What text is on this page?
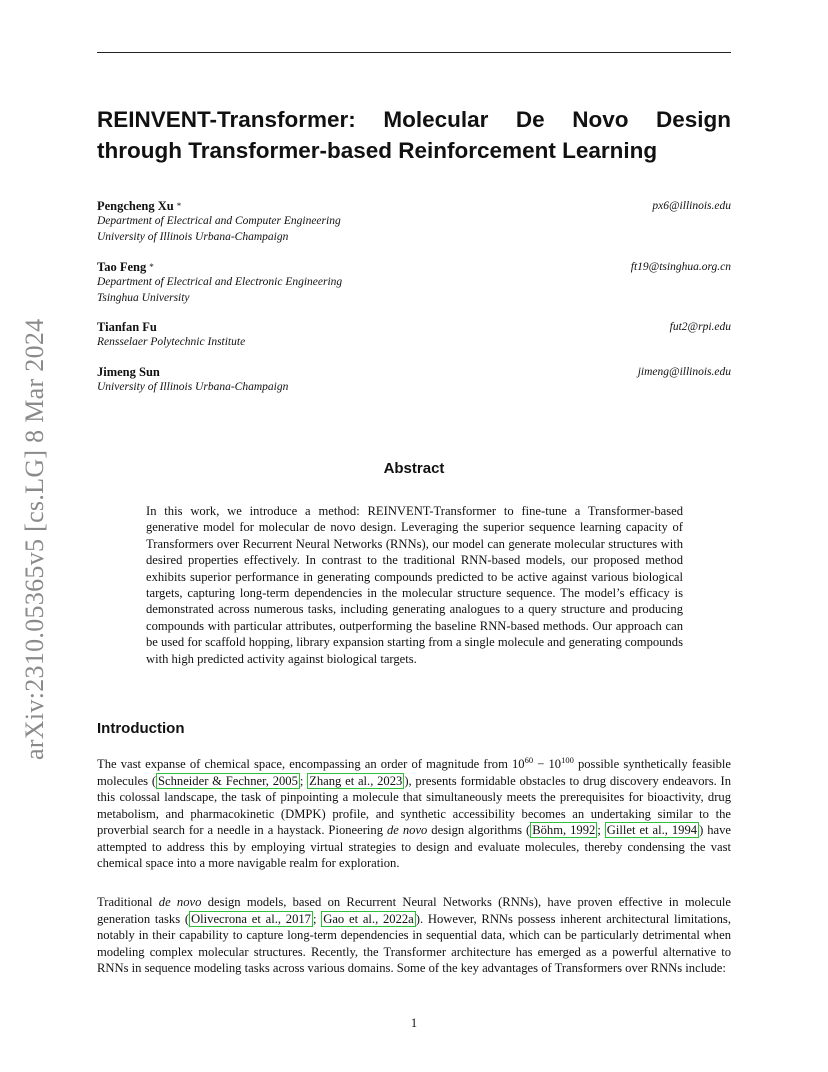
arXiv:2310.05365v5 [cs.LG] 8 Mar 2024
REINVENT-Transformer: Molecular De Novo Design
through Transformer-based Reinforcement Learning
Pengcheng Xu *	px6@illinois.edu
Department of Electrical and Computer Engineering
University of Illinois Urbana-Champaign
Tao Feng *	ft19@tsinghua.org.cn
Department of Electrical and Electronic Engineering
Tsinghua University
Tianfan Fu	fut2@rpi.edu
Rensselaer Polytechnic Institute
Jimeng Sun	jimeng@illinois.edu
University of Illinois Urbana-Champaign
Abstract

In this work, we introduce a method: REINVENT-Transformer to fine-tune a Transformer-based generative model for molecular de novo design. Leveraging the superior sequence learning capacity of Transformers over Recurrent Neural Networks (RNNs), our model can generate molecular structures with desired properties effectively. In contrast to the traditional RNN-based models, our proposed method exhibits superior performance in generating compounds predicted to be active against various biological targets, capturing long-term dependencies in the molecular structure sequence. The model’s efficacy is demonstrated across numerous tasks, including generating analogues to a query structure and producing compounds with particular attributes, outperforming the baseline RNN-based methods. Our approach can be used for scaffold hopping, library expansion starting from a single molecule and generating compounds with high predicted activity against biological targets.

Introduction

The vast expanse of chemical space, encompassing an order of magnitude from $10^{60} - 10^{100}$ possible synthetically feasible molecules ( Schneider & Fechner, 2005 ; Zhang et al., 2023 ), presents formidable obstacles to drug discovery endeavors. In this colossal landscape, the task of pinpointing a molecule that simultaneously meets the prerequisites for bioactivity, drug metabolism, and pharmacokinetic (DMPK) profile, and synthetic accessibility becomes an undertaking similar to the proverbial search for a needle in a haystack. Pioneering de novo design algorithms ( Böhm, 1992 ; Gillet et al., 1994 ) have attempted to address this by employing virtual strategies to design and evaluate molecules, thereby condensing the vast chemical space into a more navigable realm for exploration.

Traditional de novo design models, based on Recurrent Neural Networks (RNNs), have proven effective in molecule generation tasks ( Olivecrona et al., 2017 ; Gao et al., 2022a ). However, RNNs possess inherent architectural limitations, notably in their capability to capture long-term dependencies in sequential data, which can be particularly detrimental when modeling complex molecular structures. Recently, the Transformer architecture has emerged as a powerful alternative to RNNs in sequence modeling tasks across various domains. Some of the key advantages of Transformers over RNNs include:

1
